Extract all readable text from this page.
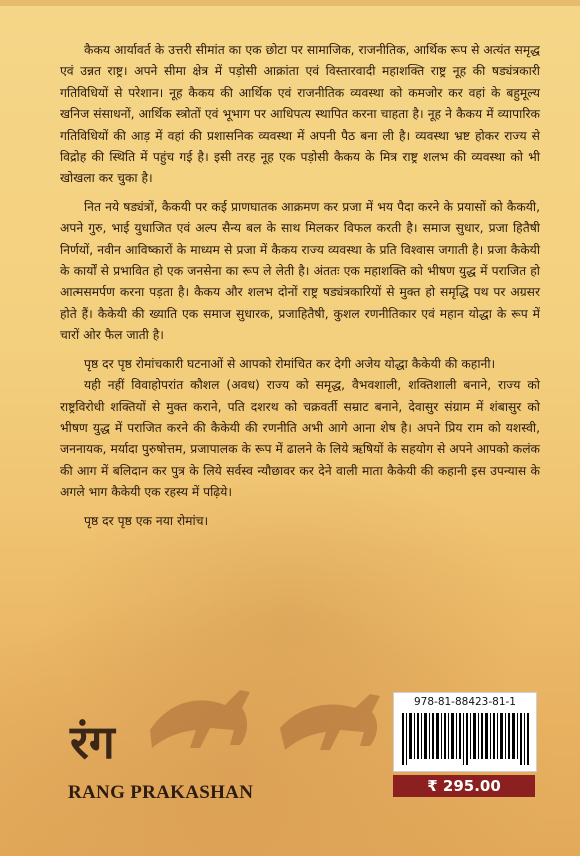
कैकय आर्यावर्त के उत्तरी सीमांत का एक छोटा पर सामाजिक, राजनीतिक, आर्थिक रूप से अत्यंत समृद्ध एवं उन्नत राष्ट्र। अपने सीमा क्षेत्र में पड़ोसी आक्रांता एवं विस्तारवादी महाशक्ति राष्ट्र नूह की षड्यंत्रकारी गतिविधियों से परेशान। नूह कैकय की आर्थिक एवं राजनीतिक व्यवस्था को कमजोर कर वहां के बहुमूल्य खनिज संसाधनों, आर्थिक स्त्रोतों एवं भूभाग पर आधिपत्य स्थापित करना चाहता है। नूह ने कैकय में व्यापारिक गतिविधियों की आड़ में वहां की प्रशासनिक व्यवस्था में अपनी पैठ बना ली है। व्यवस्था भ्रष्ट होकर राज्य से विद्रोह की स्थिति में पहुंच गई है। इसी तरह नूह एक पड़ोसी कैकय के मित्र राष्ट्र शलभ की व्यवस्था को भी खोखला कर चुका है।

नित नये षड्यंत्रों, कैकयी पर कई प्राणघातक आक्रमण कर प्रजा में भय पैदा करने के प्रयासों को कैकयी, अपने गुरु, भाई युधाजित एवं अल्प सैन्य बल के साथ मिलकर विफल करती है। समाज सुधार, प्रजा हितैषी निर्णयों, नवीन आविष्कारों के माध्यम से प्रजा में कैकय राज्य व्यवस्था के प्रति विश्वास जगाती है। प्रजा कैकेयी के कार्यों से प्रभावित हो एक जनसेना का रूप ले लेती है। अंततः एक महाशक्ति को भीषण युद्ध में पराजित हो आत्मसमर्पण करना पड़ता है। कैकय और शलभ दोनों राष्ट्र षड्यंत्रकारियों से मुक्त हो समृद्धि पथ पर अग्रसर होते हैं। कैकेयी की ख्याति एक समाज सुधारक, प्रजाहितैषी, कुशल रणनीतिकार एवं महान योद्धा के रूप में चारों ओर फैल जाती है।

पृष्ठ दर पृष्ठ रोमांचकारी घटनाओं से आपको रोमांचित कर देगी अजेय योद्धा कैकेयी की कहानी।

यही नहीं विवाहोपरांत कौशल (अवध) राज्य को समृद्ध, वैभवशाली, शक्तिशाली बनाने, राज्य को राष्ट्रविरोधी शक्तियों से मुक्त कराने, पति दशरथ को चक्रवर्ती सम्राट बनाने, देवासुर संग्राम में शंबासुर को भीषण युद्ध में पराजित करने की कैकेयी की रणनीति अभी आगे आना शेष है। अपने प्रिय राम को यशस्वी, जननायक, मर्यादा पुरुषोत्तम, प्रजापालक के रूप में ढालने के लिये ऋषियों के सहयोग से अपने आपको कलंक की आग में बलिदान कर पुत्र के लिये सर्वस्व न्यौछावर कर देने वाली माता कैकेयी की कहानी इस उपन्यास के अगले भाग कैकेयी एक रहस्य में पढ़िये।

पृष्ठ दर पृष्ठ एक नया रोमांच।

रंग
RANG PRAKASHAN
978-81-88423-81-1
₹ 295.00
